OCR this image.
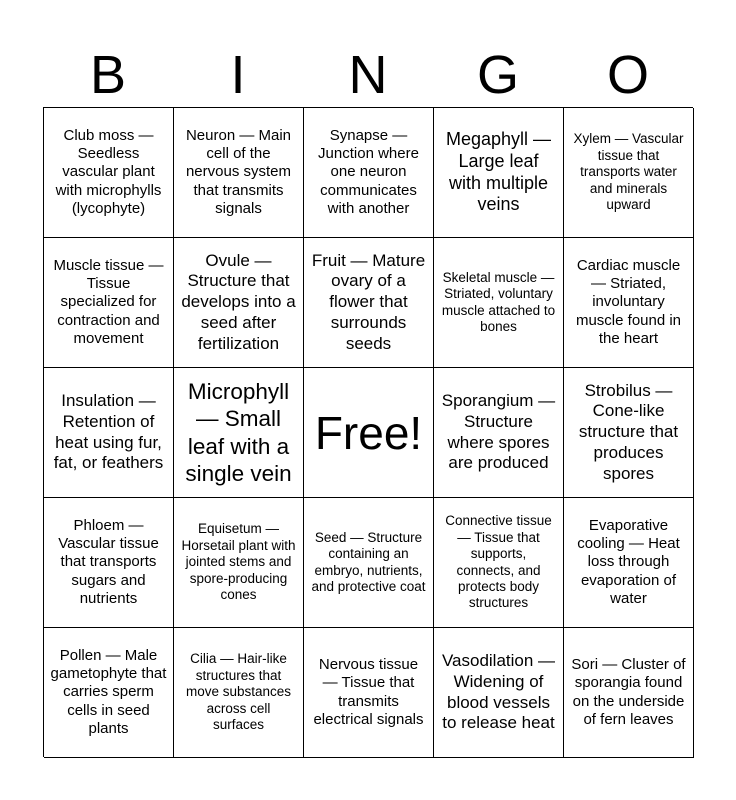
B	I	N	G	O
Club moss — Seedless vascular plant with microphylls (lycophyte)
Neuron — Main cell of the nervous system that transmits signals
Synapse — Junction where one neuron communicates with another
Megaphyll — Large leaf with multiple veins
Xylem — Vascular tissue that transports water and minerals upward
Muscle tissue — Tissue specialized for contraction and movement
Ovule — Structure that develops into a seed after fertilization
Fruit — Mature ovary of a flower that surrounds seeds
Skeletal muscle — Striated, voluntary muscle attached to bones
Cardiac muscle — Striated, involuntary muscle found in the heart
Insulation — Retention of heat using fur, fat, or feathers
Microphyll — Small leaf with a single vein
Free!
Sporangium — Structure where spores are produced
Strobilus — Cone-like structure that produces spores
Phloem — Vascular tissue that transports sugars and nutrients
Equisetum — Horsetail plant with jointed stems and spore-producing cones
Seed — Structure containing an embryo, nutrients, and protective coat
Connective tissue — Tissue that supports, connects, and protects body structures
Evaporative cooling — Heat loss through evaporation of water
Pollen — Male gametophyte that carries sperm cells in seed plants
Cilia — Hair-like structures that move substances across cell surfaces
Nervous tissue — Tissue that transmits electrical signals
Vasodilation — Widening of blood vessels to release heat
Sori — Cluster of sporangia found on the underside of fern leaves
